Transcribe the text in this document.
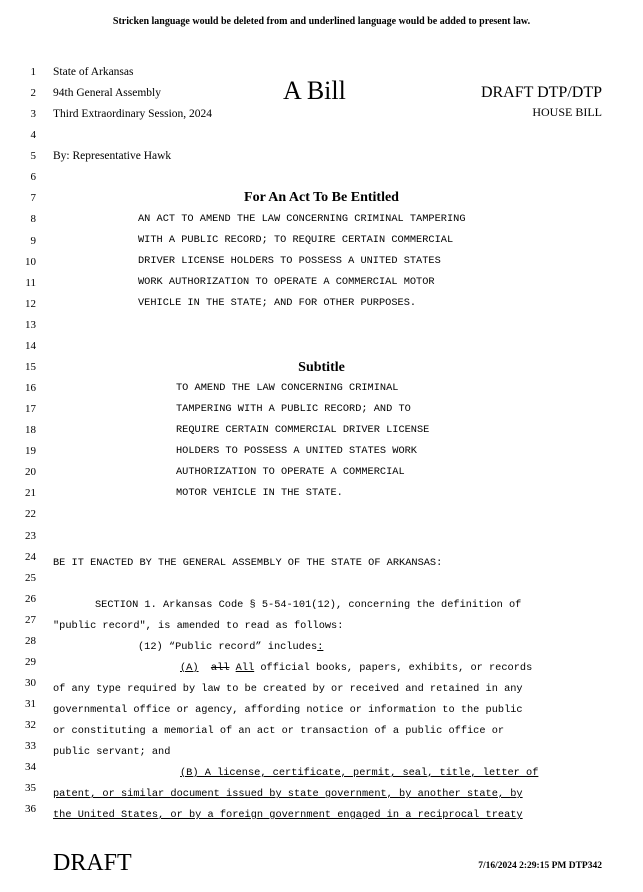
Stricken language would be deleted from and underlined language would be added to present law.
1
2
3
4
5
6
7
8
9
10
11
12
13
14
15
16
17
18
19
20
21
22
23
24
25
26
27
28
29
30
31
32
33
34
35
36
State of Arkansas
94th General Assembly
Third Extraordinary Session, 2024
A Bill	DRAFT DTP/DTP
HOUSE BILL
By: Representative Hawk
For An Act To Be Entitled
AN ACT TO AMEND THE LAW CONCERNING CRIMINAL TAMPERING
WITH A PUBLIC RECORD; TO REQUIRE CERTAIN COMMERCIAL
DRIVER LICENSE HOLDERS TO POSSESS A UNITED STATES
WORK AUTHORIZATION TO OPERATE A COMMERCIAL MOTOR
VEHICLE IN THE STATE; AND FOR OTHER PURPOSES.
Subtitle
TO AMEND THE LAW CONCERNING CRIMINAL
TAMPERING WITH A PUBLIC RECORD; AND TO
REQUIRE CERTAIN COMMERCIAL DRIVER LICENSE
HOLDERS TO POSSESS A UNITED STATES WORK
AUTHORIZATION TO OPERATE A COMMERCIAL
MOTOR VEHICLE IN THE STATE.
BE IT ENACTED BY THE GENERAL ASSEMBLY OF THE STATE OF ARKANSAS:
SECTION 1. Arkansas Code § 5-54-101(12), concerning the definition of
"public record", is amended to read as follows:
(12) “Public record” includes:
(A) all All official books, papers, exhibits, or records
of any type required by law to be created by or received and retained in any
governmental office or agency, affording notice or information to the public
or constituting a memorial of an act or transaction of a public office or
public servant; and
(B) A license, certificate, permit, seal, title, letter of
patent, or similar document issued by state government, by another state, by
the United States, or by a foreign government engaged in a reciprocal treaty
DRAFT	7/16/2024 2:29:15 PM DTP342
